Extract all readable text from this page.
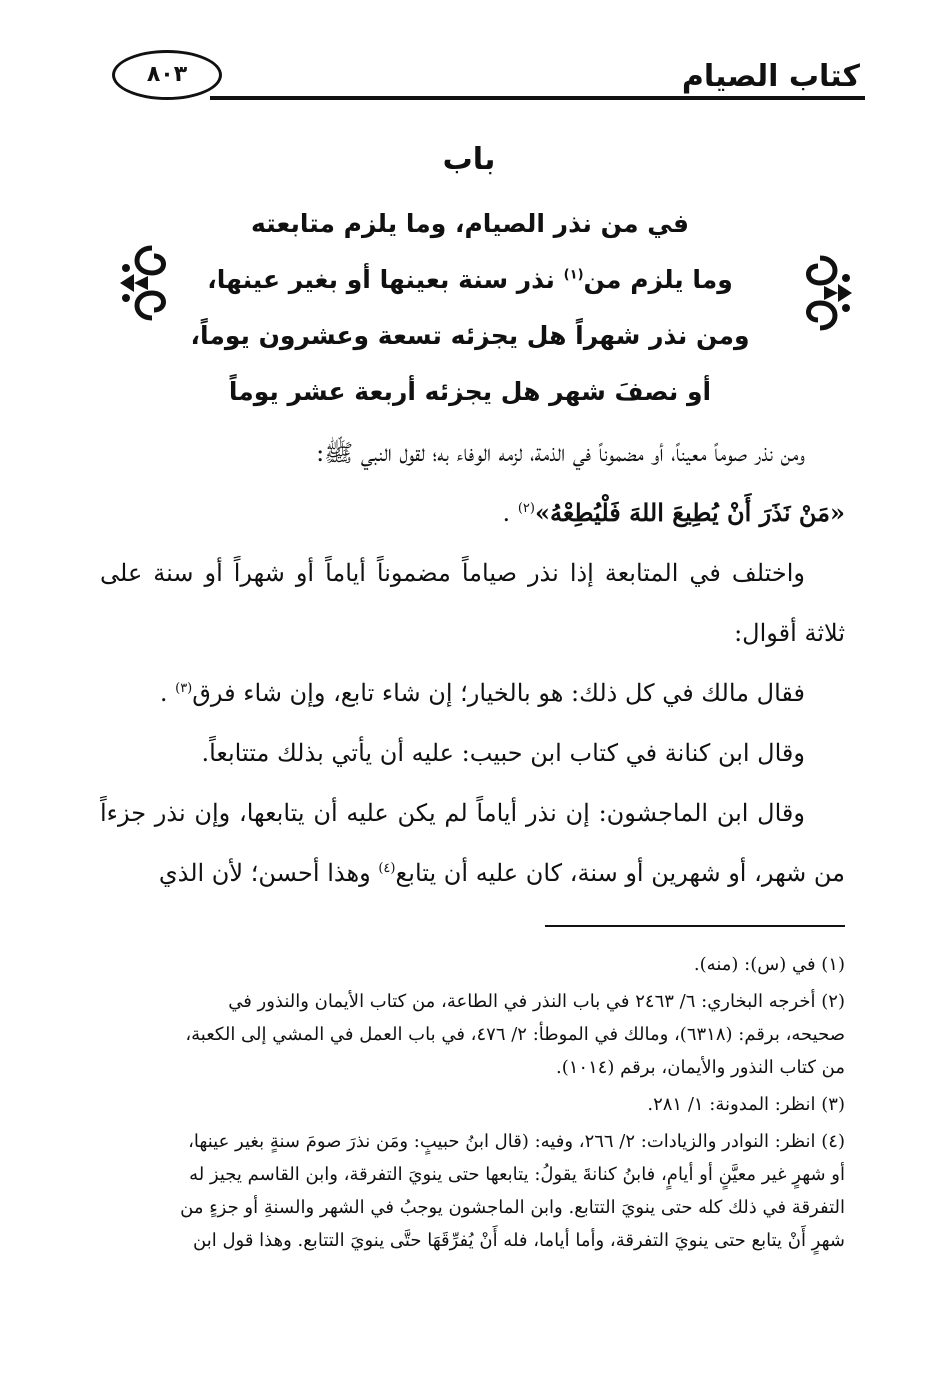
٨٠٣	كتاب الصيام
باب
في من نذر الصيام، وما يلزم متابعته
وما يلزم من$^{(١)}$ نذر سنة بعينها أو بغير عينها،
ومن نذر شهراً هل يجزئه تسعة وعشرون يوماً،
أو نصفَ شهر هل يجزئه أربعة عشر يوماً
ومن نذر صوماً معيناً، أو مضموناً في الذمة، لزمه الوفاء به؛ لقول النبي ﷺ:
«مَنْ نَذَرَ أَنْ يُطِيعَ اللهَ فَلْيُطِعْهُ»$^{(٢)}$ .
واختلف في المتابعة إذا نذر صياماً مضموناً أياماً أو شهراً أو سنة على
ثلاثة أقوال:
فقال مالك في كل ذلك: هو بالخيار؛ إن شاء تابع، وإن شاء فرق$^{(٣)}$ .
وقال ابن كنانة في كتاب ابن حبيب: عليه أن يأتي بذلك متتابعاً.
وقال ابن الماجشون: إن نذر أياماً لم يكن عليه أن يتابعها، وإن نذر جزءاً
من شهر، أو شهرين أو سنة، كان عليه أن يتابع$^{(٤)}$ وهذا أحسن؛ لأن الذي
(١) في (س): (منه).
(٢) أخرجه البخاري: ٦/ ٢٤٦٣ في باب النذر في الطاعة، من كتاب الأيمان والنذور في
صحيحه، برقم: (٦٣١٨)، ومالك في الموطأ: ٢/ ٤٧٦، في باب العمل في المشي إلى الكعبة،
من كتاب النذور والأيمان، برقم (١٠١٤).
(٣) انظر: المدونة: ١/ ٢٨١.
(٤) انظر: النوادر والزيادات: ٢/ ٢٦٦، وفيه: (قال ابنُ حبيبٍ: ومَن نذرَ صومَ سنةٍ بغير عينها،
أو شهرٍ غير معيَّنٍ أو أيامٍ، فابنُ كنانةَ يقولُ: يتابعها حتى ينويَ التفرقة، وابن القاسم يجيز له
التفرقة في ذلك كله حتى ينويَ التتابع. وابن الماجشون يوجبُ في الشهر والسنةِ أو جزءٍ من
شهرٍ أَنْ يتابع حتى ينويَ التفرقة، وأما أياما، فله أَنْ يُفرِّقَهَا حتَّى ينويَ التتابع. وهذا قول ابن
